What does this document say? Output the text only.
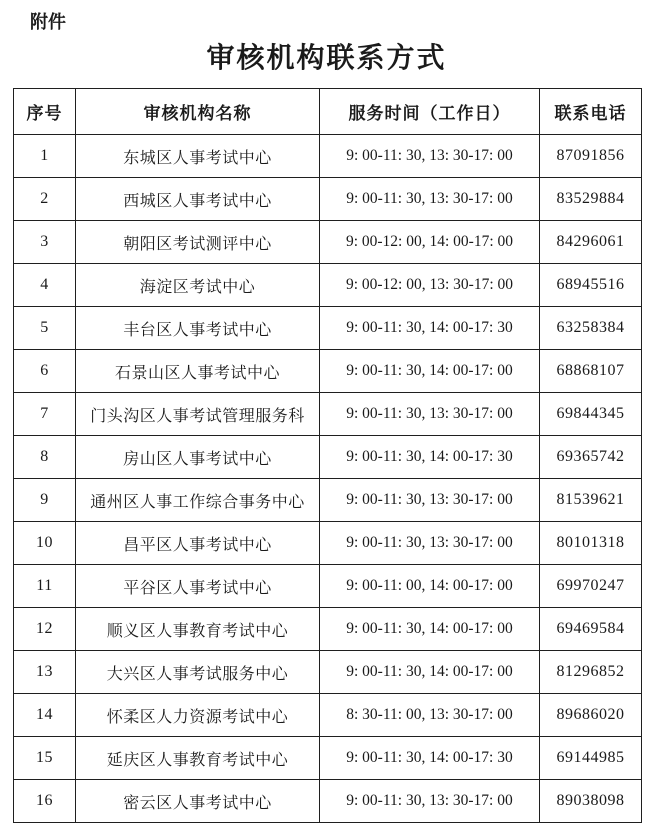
附件
审核机构联系方式
序号	审核机构名称	服务时间（工作日）	联系电话
1	东城区人事考试中心	9: 00-11: 30, 13: 30-17: 00	87091856
2	西城区人事考试中心	9: 00-11: 30, 13: 30-17: 00	83529884
3	朝阳区考试测评中心	9: 00-12: 00, 14: 00-17: 00	84296061
4	海淀区考试中心	9: 00-12: 00, 13: 30-17: 00	68945516
5	丰台区人事考试中心	9: 00-11: 30, 14: 00-17: 30	63258384
6	石景山区人事考试中心	9: 00-11: 30, 14: 00-17: 00	68868107
7	门头沟区人事考试管理服务科	9: 00-11: 30, 13: 30-17: 00	69844345
8	房山区人事考试中心	9: 00-11: 30, 14: 00-17: 30	69365742
9	通州区人事工作综合事务中心	9: 00-11: 30, 13: 30-17: 00	81539621
10	昌平区人事考试中心	9: 00-11: 30, 13: 30-17: 00	80101318
11	平谷区人事考试中心	9: 00-11: 00, 14: 00-17: 00	69970247
12	顺义区人事教育考试中心	9: 00-11: 30, 14: 00-17: 00	69469584
13	大兴区人事考试服务中心	9: 00-11: 30, 14: 00-17: 00	81296852
14	怀柔区人力资源考试中心	8: 30-11: 00, 13: 30-17: 00	89686020
15	延庆区人事教育考试中心	9: 00-11: 30, 14: 00-17: 30	69144985
16	密云区人事考试中心	9: 00-11: 30, 13: 30-17: 00	89038098
